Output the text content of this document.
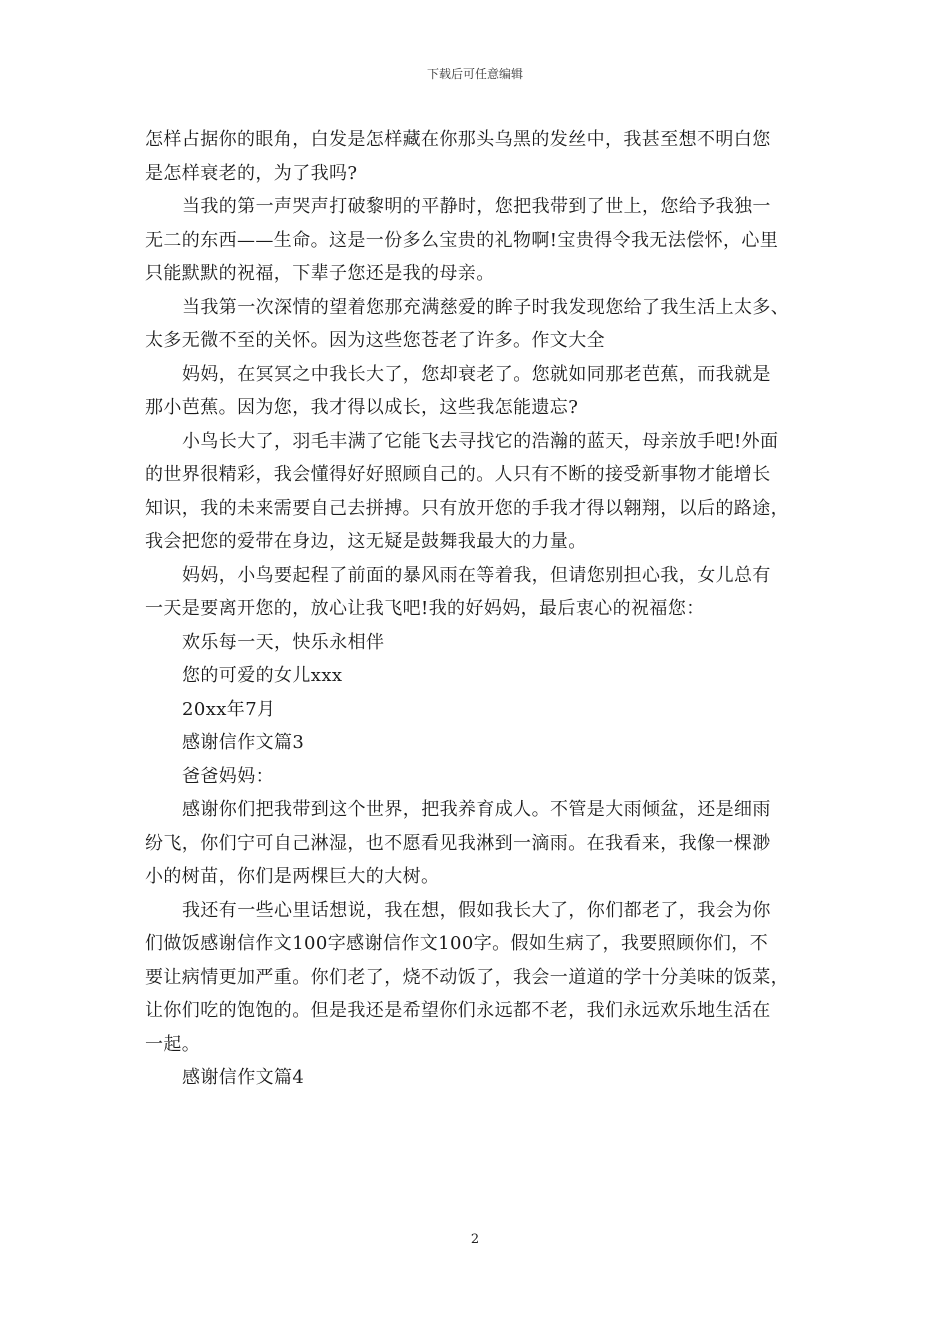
下载后可任意编辑
怎样占据你的眼角，白发是怎样藏在你那头乌黑的发丝中，我甚至想不明白您
是怎样衰老的，为了我吗?
当我的第一声哭声打破黎明的平静时，您把我带到了世上，您给予我独一
无二的东西——生命。这是一份多么宝贵的礼物啊!宝贵得令我无法偿怀，心里
只能默默的祝福，下辈子您还是我的母亲。
当我第一次深情的望着您那充满慈爱的眸子时我发现您给了我生活上太多、
太多无微不至的关怀。因为这些您苍老了许多。作文大全
妈妈，在冥冥之中我长大了，您却衰老了。您就如同那老芭蕉，而我就是
那小芭蕉。因为您，我才得以成长，这些我怎能遗忘?
小鸟长大了，羽毛丰满了它能飞去寻找它的浩瀚的蓝天，母亲放手吧!外面
的世界很精彩，我会懂得好好照顾自己的。人只有不断的接受新事物才能增长
知识，我的未来需要自己去拼搏。只有放开您的手我才得以翱翔，以后的路途，
我会把您的爱带在身边，这无疑是鼓舞我最大的力量。
妈妈，小鸟要起程了前面的暴风雨在等着我，但请您别担心我，女儿总有
一天是要离开您的，放心让我飞吧!我的好妈妈，最后衷心的祝福您：
欢乐每一天，快乐永相伴
您的可爱的女儿xxx
20xx年7月
感谢信作文篇3
爸爸妈妈：
感谢你们把我带到这个世界，把我养育成人。不管是大雨倾盆，还是细雨
纷飞，你们宁可自己淋湿，也不愿看见我淋到一滴雨。在我看来，我像一棵渺
小的树苗，你们是两棵巨大的大树。
我还有一些心里话想说，我在想，假如我长大了，你们都老了，我会为你
们做饭感谢信作文100字感谢信作文100字。假如生病了，我要照顾你们，不
要让病情更加严重。你们老了，烧不动饭了，我会一道道的学十分美味的饭菜，
让你们吃的饱饱的。但是我还是希望你们永远都不老，我们永远欢乐地生活在
一起。
感谢信作文篇4
2
